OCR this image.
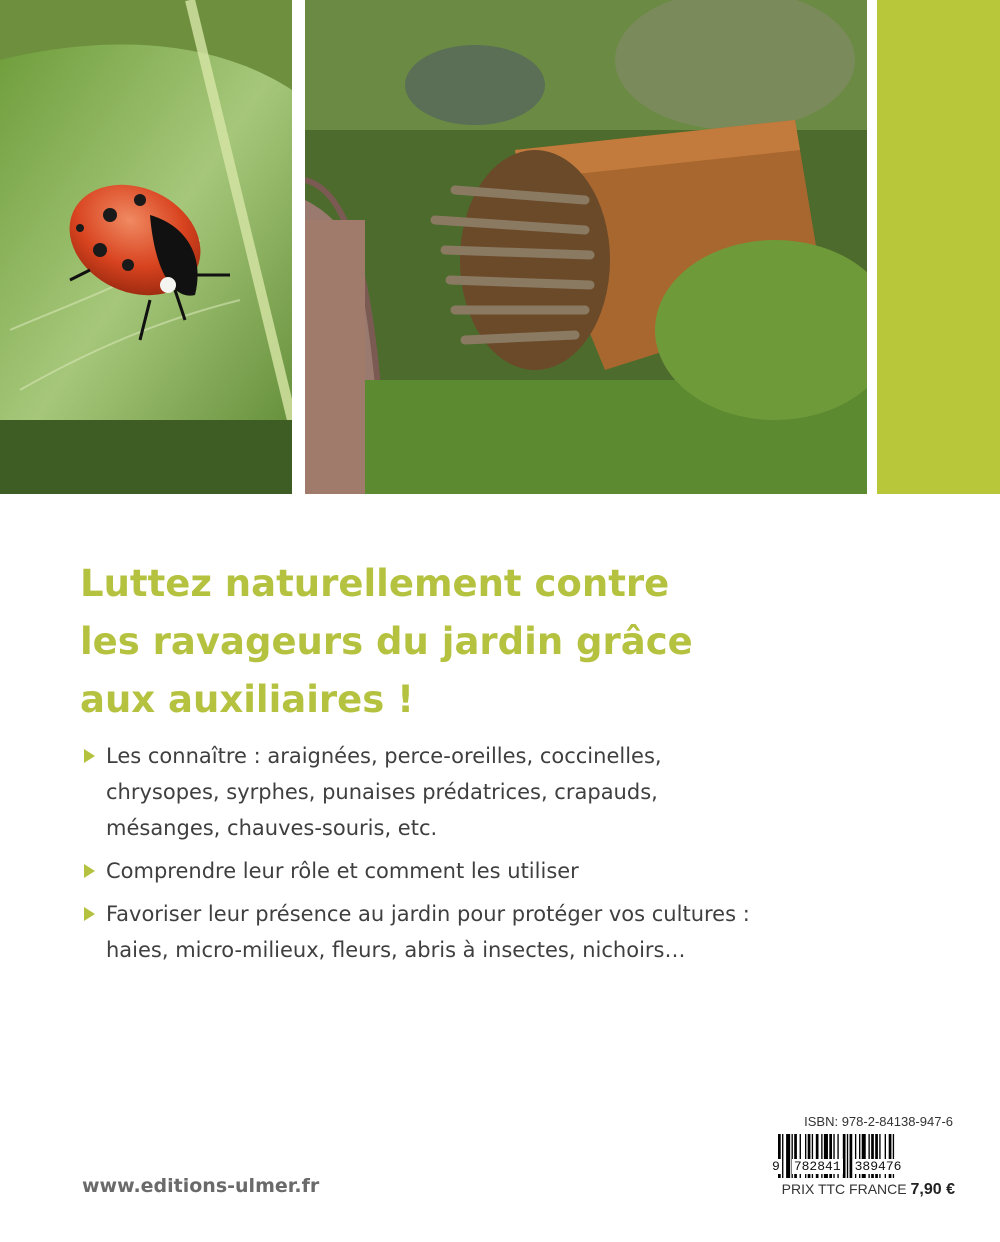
Luttez naturellement contre
les ravageurs du jardin grâce
aux auxiliaires !
Les connaître : araignées, perce-oreilles, coccinelles,
chrysopes, syrphes, punaises prédatrices, crapauds,
mésanges, chauves-souris, etc.
Comprendre leur rôle et comment les utiliser
Favoriser leur présence au jardin pour protéger vos cultures :
haies, micro-milieux, fleurs, abris à insectes, nichoirs…
ISBN: 978-2-84138-947-6
9 782841 389476
PRIX TTC FRANCE 7,90 €
www.editions-ulmer.fr
